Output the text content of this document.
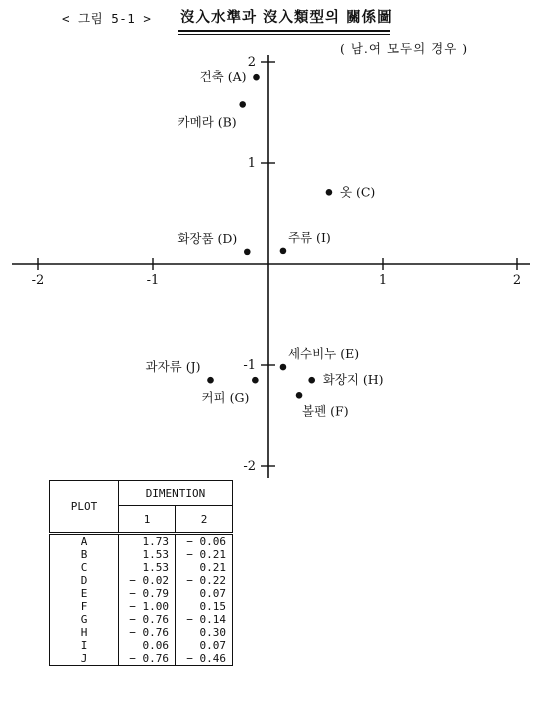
< 그림 5-1 > 沒入水準과 沒入類型의 關係圖
( 남.여 모두의 경우 )
-2	-1	1	2
2
1
-1
-2
건축 (A)
카메라 (B)
옷 (C)
화장품 (D)
세수비누 (E)
볼펜 (F)
커피 (G)
화장지 (H)
주류 (I)
과자류 (J)
PLOT	DIMENTION	
	1	2
A	1.73	− 0.06
B	1.53	− 0.21
C	1.53	0.21
D	− 0.02	− 0.22
E	− 0.79	0.07
F	− 1.00	0.15
G	− 0.76	− 0.14
H	− 0.76	0.30
I	0.06	0.07
J	− 0.76	− 0.46
